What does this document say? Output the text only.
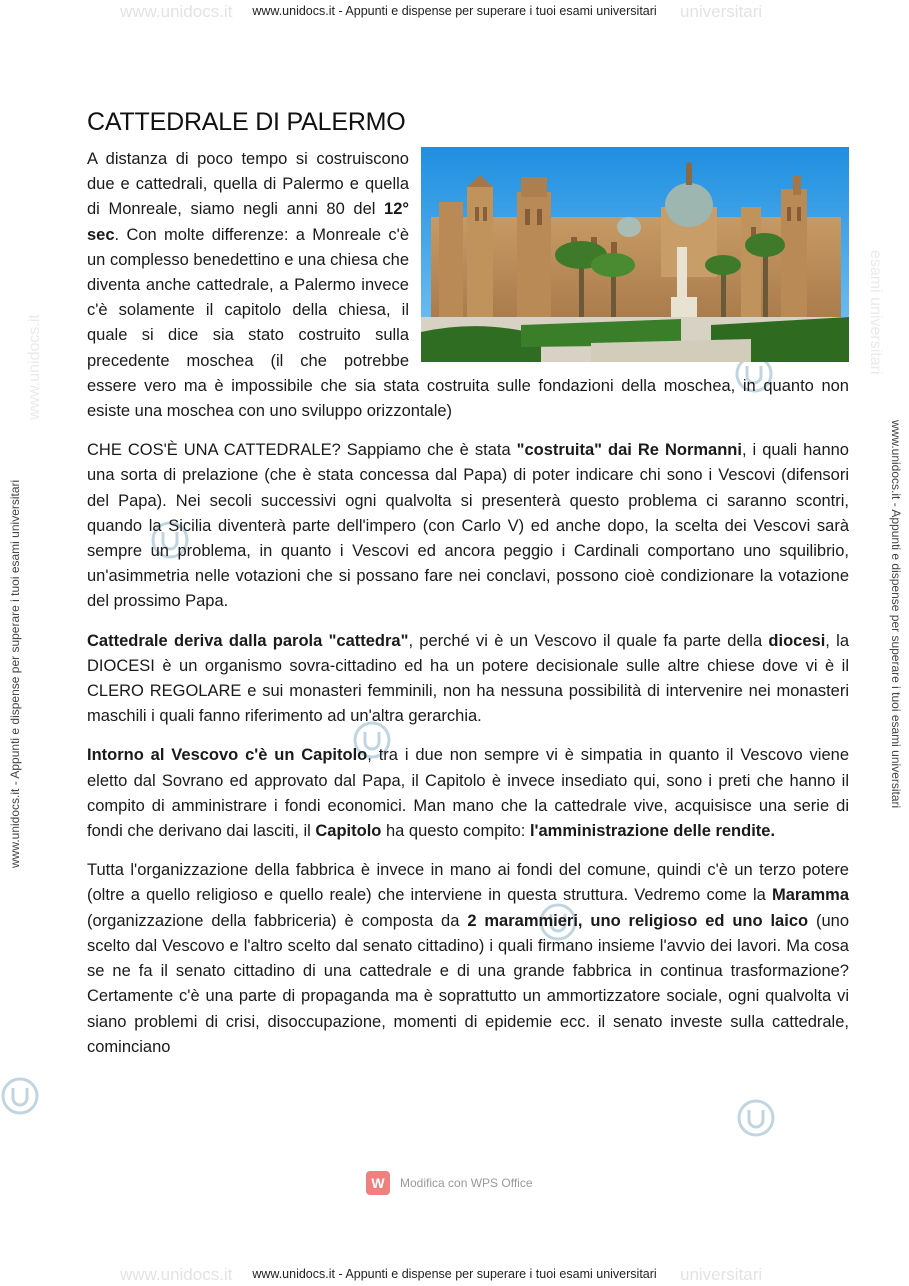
www.unidocs.it	universitari
www.unidocs.it - Appunti e dispense per superare i tuoi esami universitari
www.unidocs.it	universitari
www.unidocs.it - Appunti e dispense per superare i tuoi esami universitari
www.unidocs.it - Appunti e dispense per superare i tuoi esami universitari	www.unidocs.it - Appunti e dispense per superare i tuoi esami universitari
www.unidocs.it	esami universitari
CATTEDRALE DI PALERMO

A distanza di poco tempo si costruiscono due e cattedrali, quella di Palermo e quella di Monreale, siamo negli anni 80 del 12° sec. Con molte differenze: a Monreale c'è un complesso benedettino e una chiesa che diventa anche cattedrale, a Palermo invece c'è solamente il capitolo della chiesa, il quale si dice sia stato costruito sulla precedente moschea (il che potrebbe essere vero ma è impossibile che sia stata costruita sulle fondazioni della moschea, in quanto non esiste una moschea con uno sviluppo orizzontale)

CHE COS'È UNA CATTEDRALE? Sappiamo che è stata "costruita" dai Re Normanni, i quali hanno una sorta di prelazione (che è stata concessa dal Papa) di poter indicare chi sono i Vescovi (difensori del Papa). Nei secoli successivi ogni qualvolta si presenterà questo problema ci saranno scontri, quando la Sicilia diventerà parte dell'impero (con Carlo V) ed anche dopo, la scelta dei Vescovi sarà sempre un problema, in quanto i Vescovi ed ancora peggio i Cardinali comportano uno squilibrio, un'asimmetria nelle votazioni che si possano fare nei conclavi, possono cioè condizionare la votazione del prossimo Papa.

Cattedrale deriva dalla parola "cattedra", perché vi è un Vescovo il quale fa parte della diocesi, la DIOCESI è un organismo sovra-cittadino ed ha un potere decisionale sulle altre chiese dove vi è il CLERO REGOLARE e sui monasteri femminili, non ha nessuna possibilità di intervenire nei monasteri maschili i quali fanno riferimento ad un'altra gerarchia.

Intorno al Vescovo c'è un Capitolo, tra i due non sempre vi è simpatia in quanto il Vescovo viene eletto dal Sovrano ed approvato dal Papa, il Capitolo è invece insediato qui, sono i preti che hanno il compito di amministrare i fondi economici. Man mano che la cattedrale vive, acquisisce una serie di fondi che derivano dai lasciti, il Capitolo ha questo compito: l'amministrazione delle rendite.

Tutta l'organizzazione della fabbrica è invece in mano ai fondi del comune, quindi c'è un terzo potere (oltre a quello religioso e quello reale) che interviene in questa struttura. Vedremo come la Maramma (organizzazione della fabbriceria) è composta da 2 marammieri, uno religioso ed uno laico (uno scelto dal Vescovo e l'altro scelto dal senato cittadino) i quali firmano insieme l'avvio dei lavori. Ma cosa se ne fa il senato cittadino di una cattedrale e di una grande fabbrica in continua trasformazione? Certamente c'è una parte di propaganda ma è soprattutto un ammortizzatore sociale, ogni qualvolta vi siano problemi di crisi, disoccupazione, momenti di epidemie ecc. il senato investe sulla cattedrale, cominciano

W	Modifica con WPS Office
